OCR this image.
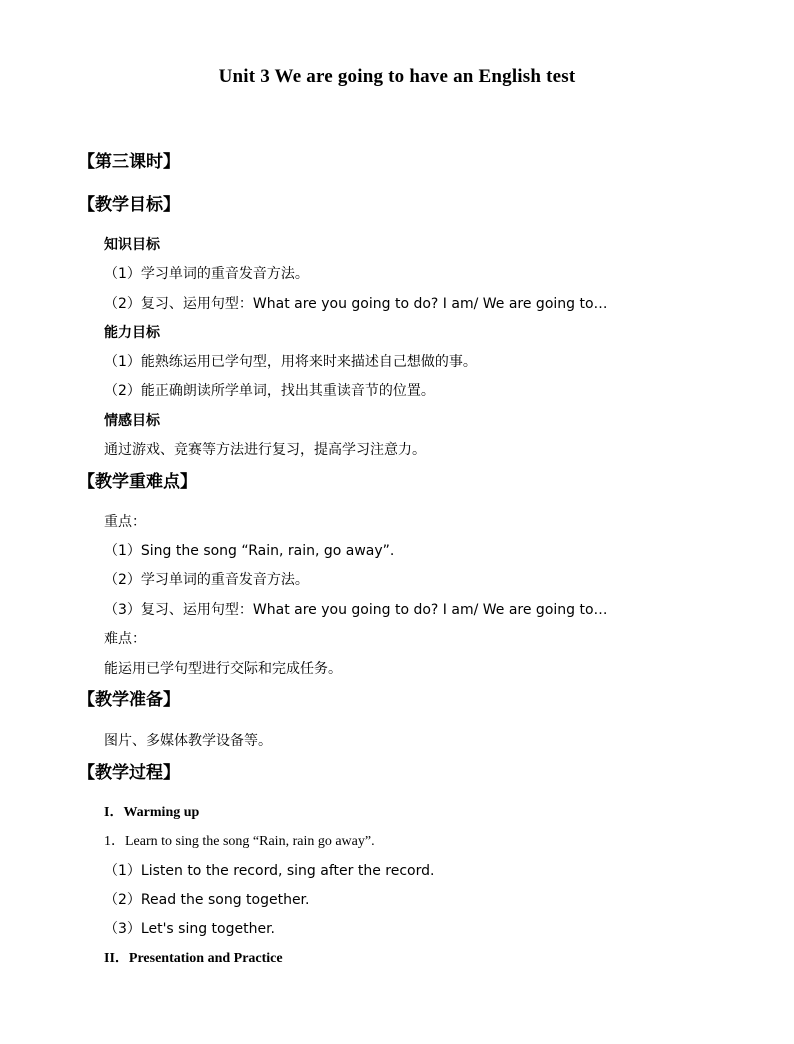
Unit 3 We are going to have an English test
【第三课时】
【教学目标】
知识目标
（1）学习单词的重音发音方法。
（2）复习、运用句型：What are you going to do? I am/ We are going to…
能力目标
（1）能熟练运用已学句型，用将来时来描述自己想做的事。
（2）能正确朗读所学单词，找出其重读音节的位置。
情感目标
通过游戏、竞赛等方法进行复习，提高学习注意力。
【教学重难点】
重点：
（1）Sing the song “Rain, rain, go away”.
（2）学习单词的重音发音方法。
（3）复习、运用句型：What are you going to do? I am/ We are going to…
难点：
能运用已学句型进行交际和完成任务。
【教学准备】
图片、多媒体教学设备等。
【教学过程】
I．Warming up
1．Learn to sing the song “Rain, rain go away”.
（1）Listen to the record, sing after the record.
（2）Read the song together.
（3）Let's sing together.
II．Presentation and Practice
